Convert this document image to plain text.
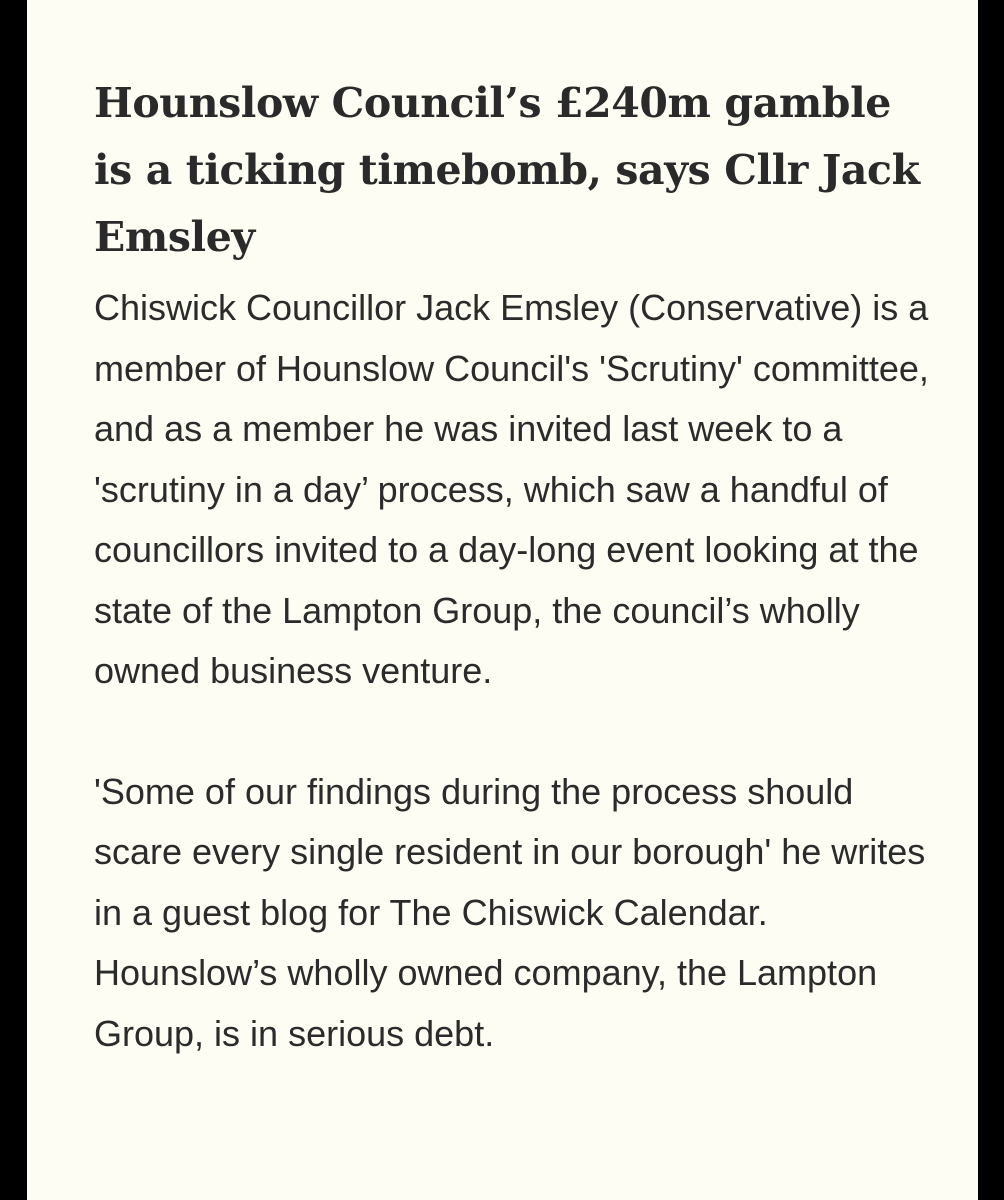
Hounslow Council’s £240m gamble is a ticking timebomb, says Cllr Jack Emsley

Chiswick Councillor Jack Emsley (Conservative) is a member of Hounslow Council's 'Scrutiny' committee, and as a member he was invited last week to a 'scrutiny in a day’ process, which saw a handful of councillors invited to a day-long event looking at the state of the Lampton Group, the council’s wholly owned business venture.

'Some of our findings during the process should scare every single resident in our borough' he writes in a guest blog for The Chiswick Calendar. Hounslow’s wholly owned company, the Lampton Group, is in serious debt.
